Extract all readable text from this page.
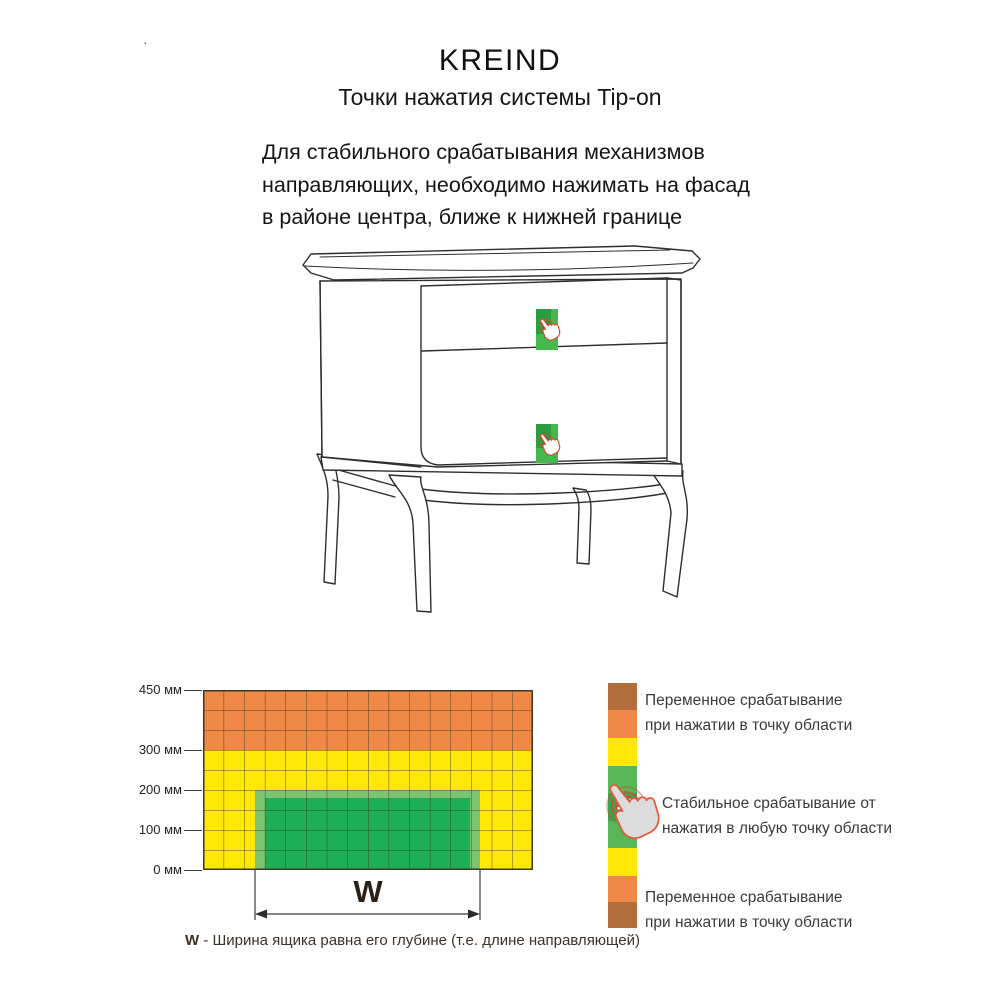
·
KREIND
Точки нажатия системы Tip-on
Для стабильного срабатывания механизмов
направляющих, необходимо нажимать на фасад
в районе центра, ближе к нижней границе
450 мм
300 мм
200 мм
100 мм
0 мм
W
W - Ширина ящика равна его глубине (т.е. длине направляющей)
Переменное срабатывание
при нажатии в точку области
Стабильное срабатывание от
нажатия в любую точку области
Переменное срабатывание
при нажатии в точку области
